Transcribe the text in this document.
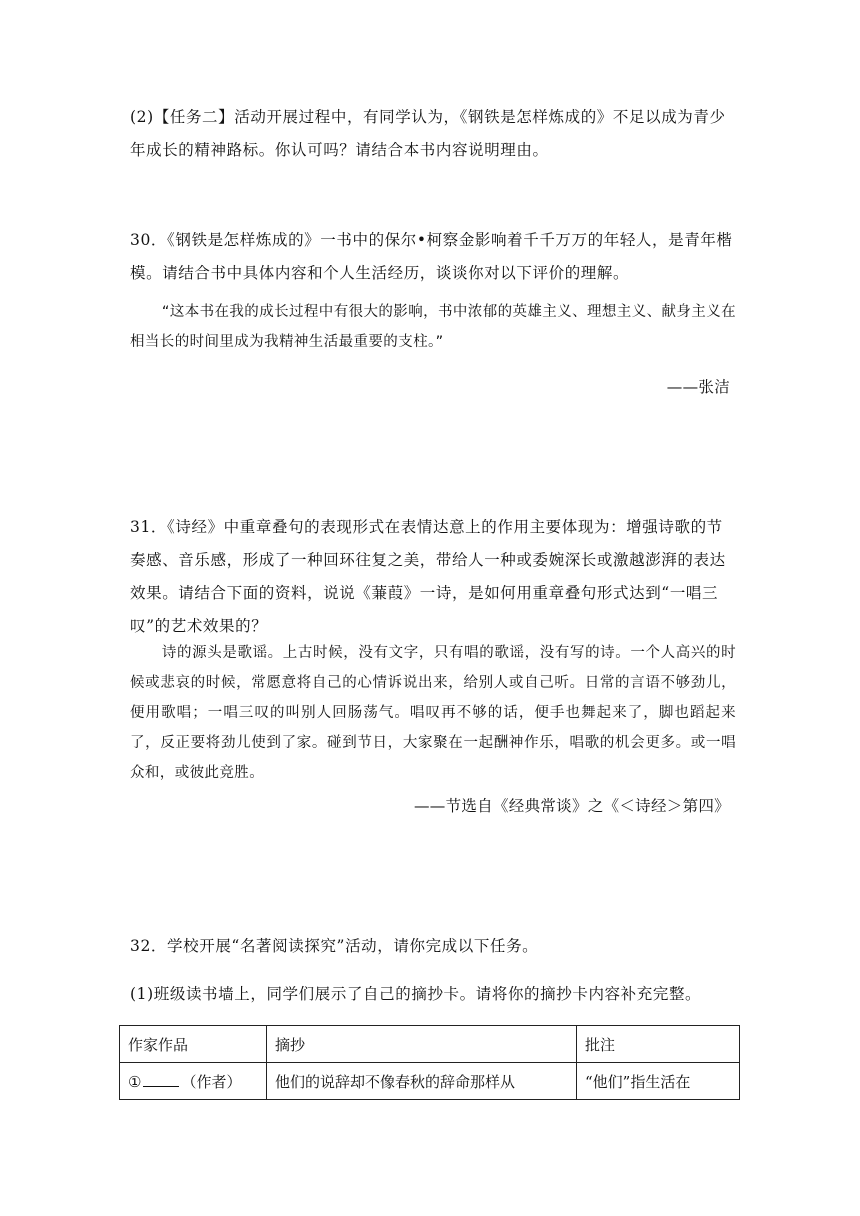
(2)【任务二】活动开展过程中，有同学认为，《钢铁是怎样炼成的》不足以成为青少年成长的精神路标。你认可吗？请结合本书内容说明理由。

30．《钢铁是怎样炼成的》一书中的保尔•柯察金影响着千千万万的年轻人，是青年楷模。请结合书中具体内容和个人生活经历，谈谈你对以下评价的理解。

“这本书在我的成长过程中有很大的影响，书中浓郁的英雄主义、理想主义、献身主义在相当长的时间里成为我精神生活最重要的支柱。”

——张洁

31．《诗经》中重章叠句的表现形式在表情达意上的作用主要体现为：增强诗歌的节奏感、音乐感，形成了一种回环往复之美，带给人一种或委婉深长或激越澎湃的表达效果。请结合下面的资料，说说《蒹葭》一诗，是如何用重章叠句形式达到“一唱三叹”的艺术效果的？

诗的源头是歌谣。上古时候，没有文字，只有唱的歌谣，没有写的诗。一个人高兴的时候或悲哀的时候，常愿意将自己的心情诉说出来，给别人或自己听。日常的言语不够劲儿，便用歌唱；一唱三叹的叫别人回肠荡气。唱叹再不够的话，便手也舞起来了，脚也蹈起来了，反正要将劲儿使到了家。碰到节日，大家聚在一起酬神作乐，唱歌的机会更多。或一唱众和，或彼此竞胜。

——节选自《经典常谈》之《＜诗经＞第四》

32．学校开展“名著阅读探究”活动，请你完成以下任务。

(1)班级读书墙上，同学们展示了自己的摘抄卡。请将你的摘抄卡内容补充完整。

作家作品	摘抄	批注
① （作者）	他们的说辞却不像春秋的辞命那样从	“他们”指生活在
